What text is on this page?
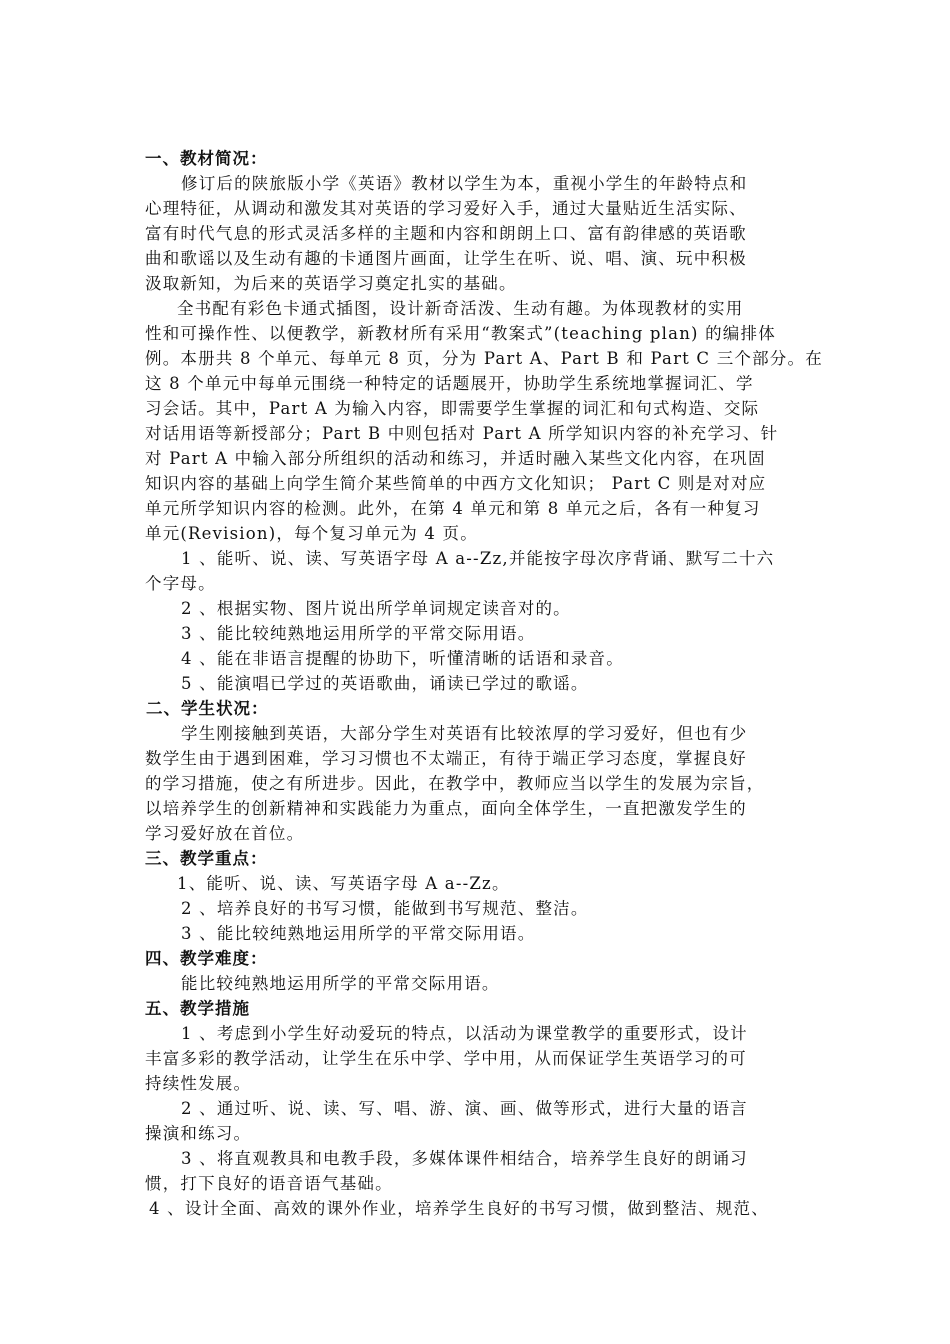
一、教材简况：
修订后的陕旅版小学《英语》教材以学生为本，重视小学生的年龄特点和
心理特征，从调动和激发其对英语的学习爱好入手，通过大量贴近生活实际、
富有时代气息的形式灵活多样的主题和内容和朗朗上口、富有韵律感的英语歌
曲和歌谣以及生动有趣的卡通图片画面，让学生在听、说、唱、演、玩中积极
汲取新知，为后来的英语学习奠定扎实的基础。
全书配有彩色卡通式插图，设计新奇活泼、生动有趣。为体现教材的实用
性和可操作性、以便教学，新教材所有采用“教案式”(teaching plan) 的编排体
例。本册共 8 个单元、每单元 8 页，分为 Part A、Part B 和 Part C 三个部分。在
这 8 个单元中每单元围绕一种特定的话题展开，协助学生系统地掌握词汇、学
习会话。其中，Part A 为输入内容，即需要学生掌握的词汇和句式构造、交际
对话用语等新授部分；Part B 中则包括对 Part A 所学知识内容的补充学习、针
对 Part A 中输入部分所组织的活动和练习，并适时融入某些文化内容，在巩固
知识内容的基础上向学生简介某些简单的中西方文化知识； Part C 则是对对应
单元所学知识内容的检测。此外，在第 4 单元和第 8 单元之后，各有一种复习
单元(Revision)，每个复习单元为 4 页。
1 、能听、说、读、写英语字母 A a--Zz,并能按字母次序背诵、默写二十六
个字母。
2 、根据实物、图片说出所学单词规定读音对的。
3 、能比较纯熟地运用所学的平常交际用语。
4 、能在非语言提醒的协助下，听懂清晰的话语和录音。
5 、能演唱已学过的英语歌曲，诵读已学过的歌谣。
二、学生状况：
学生刚接触到英语，大部分学生对英语有比较浓厚的学习爱好，但也有少
数学生由于遇到困难，学习习惯也不太端正，有待于端正学习态度，掌握良好
的学习措施，使之有所进步。因此，在教学中，教师应当以学生的发展为宗旨，
以培养学生的创新精神和实践能力为重点，面向全体学生，一直把激发学生的
学习爱好放在首位。
三、教学重点：
1、能听、说、读、写英语字母 A a--Zz。
2 、培养良好的书写习惯，能做到书写规范、整洁。
3 、能比较纯熟地运用所学的平常交际用语。
四、教学难度：
能比较纯熟地运用所学的平常交际用语。
五、教学措施
1 、考虑到小学生好动爱玩的特点，以活动为课堂教学的重要形式，设计
丰富多彩的教学活动，让学生在乐中学、学中用，从而保证学生英语学习的可
持续性发展。
2 、通过听、说、读、写、唱、游、演、画、做等形式，进行大量的语言
操演和练习。
3 、将直观教具和电教手段，多媒体课件相结合，培养学生良好的朗诵习
惯，打下良好的语音语气基础。
4 、设计全面、高效的课外作业，培养学生良好的书写习惯，做到整洁、规范、
